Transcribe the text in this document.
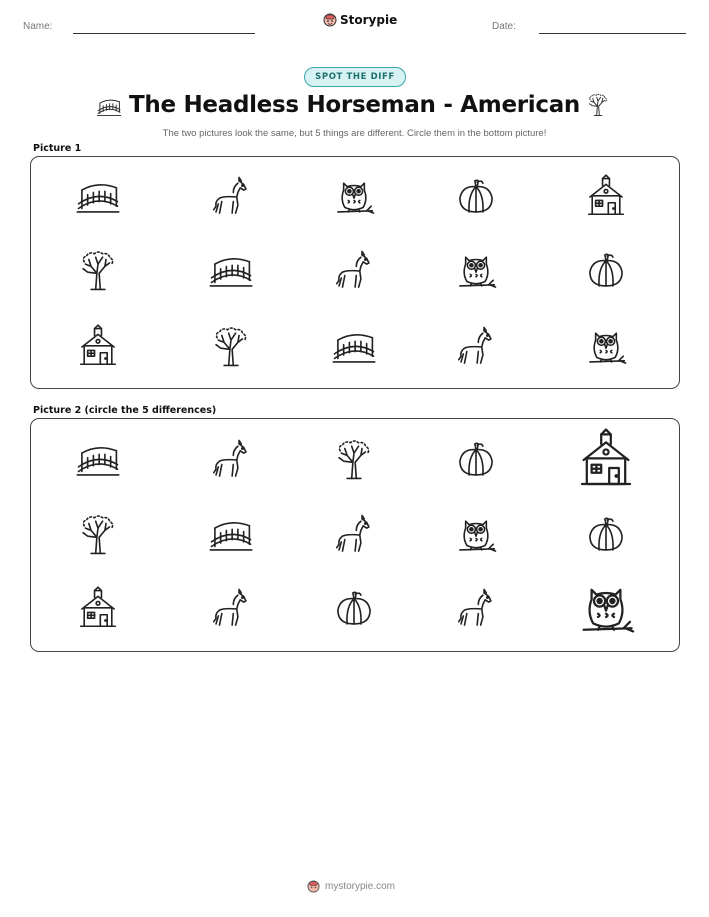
Name:	Storypie	Date:
SPOT THE DIFF
The Headless Horseman - American
The two pictures look the same, but 5 things are different. Circle them in the bottom picture!
Picture 1
Picture 2 (circle the 5 differences)
mystorypie.com
